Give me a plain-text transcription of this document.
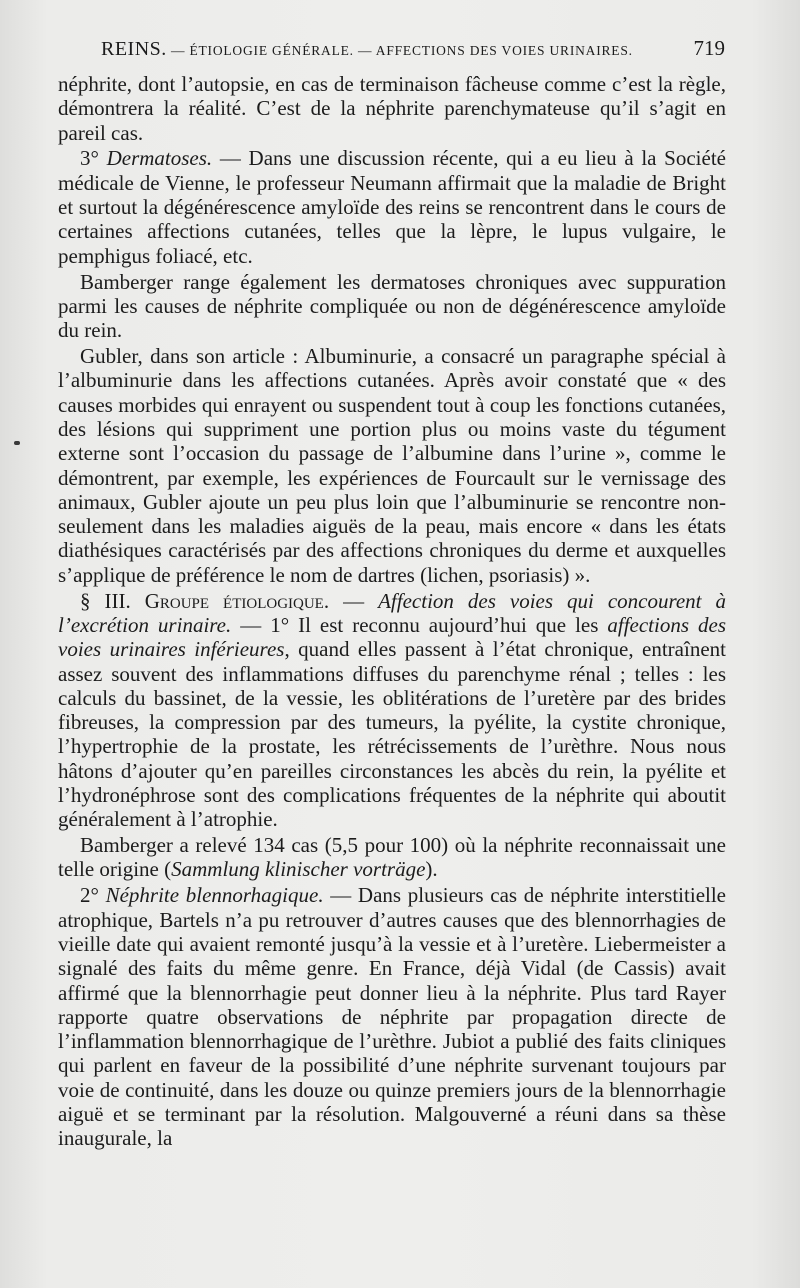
REINS. — ÉTIOLOGIE GÉNÉRALE. — AFFECTIONS DES VOIES URINAIRES.	719

néphrite, dont l’autopsie, en cas de terminaison fâcheuse comme c’est la règle, démontrera la réalité. C’est de la néphrite parenchymateuse qu’il s’agit en pareil cas.

3° Dermatoses. — Dans une discussion récente, qui a eu lieu à la Société médicale de Vienne, le professeur Neumann affirmait que la maladie de Bright et surtout la dégénérescence amyloïde des reins se rencontrent dans le cours de certaines affections cutanées, telles que la lèpre, le lupus vulgaire, le pemphigus foliacé, etc.

Bamberger range également les dermatoses chroniques avec suppuration parmi les causes de néphrite compliquée ou non de dégénérescence amyloïde du rein.

Gubler, dans son article : Albuminurie, a consacré un paragraphe spécial à l’albuminurie dans les affections cutanées. Après avoir constaté que « des causes morbides qui enrayent ou suspendent tout à coup les fonctions cutanées, des lésions qui suppriment une portion plus ou moins vaste du tégument externe sont l’occasion du passage de l’albumine dans l’urine », comme le démontrent, par exemple, les expériences de Fourcault sur le vernissage des animaux, Gubler ajoute un peu plus loin que l’albuminurie se rencontre non-seulement dans les maladies aiguës de la peau, mais encore « dans les états diathésiques caractérisés par des affections chroniques du derme et auxquelles s’applique de préférence le nom de dartres (lichen, psoriasis) ».

§ III. Groupe étiologique. — Affection des voies qui concourent à l’excrétion urinaire. — 1° Il est reconnu aujourd’hui que les affections des voies urinaires inférieures, quand elles passent à l’état chronique, entraînent assez souvent des inflammations diffuses du parenchyme rénal ; telles : les calculs du bassinet, de la vessie, les oblitérations de l’uretère par des brides fibreuses, la compression par des tumeurs, la pyélite, la cystite chronique, l’hypertrophie de la prostate, les rétrécissements de l’urèthre. Nous nous hâtons d’ajouter qu’en pareilles circonstances les abcès du rein, la pyélite et l’hydronéphrose sont des complications fréquentes de la néphrite qui aboutit généralement à l’atrophie.

Bamberger a relevé 134 cas (5,5 pour 100) où la néphrite reconnaissait une telle origine (Sammlung klinischer vorträge).

2° Néphrite blennorhagique. — Dans plusieurs cas de néphrite interstitielle atrophique, Bartels n’a pu retrouver d’autres causes que des blennorrhagies de vieille date qui avaient remonté jusqu’à la vessie et à l’uretère. Liebermeister a signalé des faits du même genre. En France, déjà Vidal (de Cassis) avait affirmé que la blennorrhagie peut donner lieu à la néphrite. Plus tard Rayer rapporte quatre observations de néphrite par propagation directe de l’inflammation blennorrhagique de l’urèthre. Jubiot a publié des faits cliniques qui parlent en faveur de la possibilité d’une néphrite survenant toujours par voie de continuité, dans les douze ou quinze premiers jours de la blennorrhagie aiguë et se terminant par la résolution. Malgouverné a réuni dans sa thèse inaugurale, la
